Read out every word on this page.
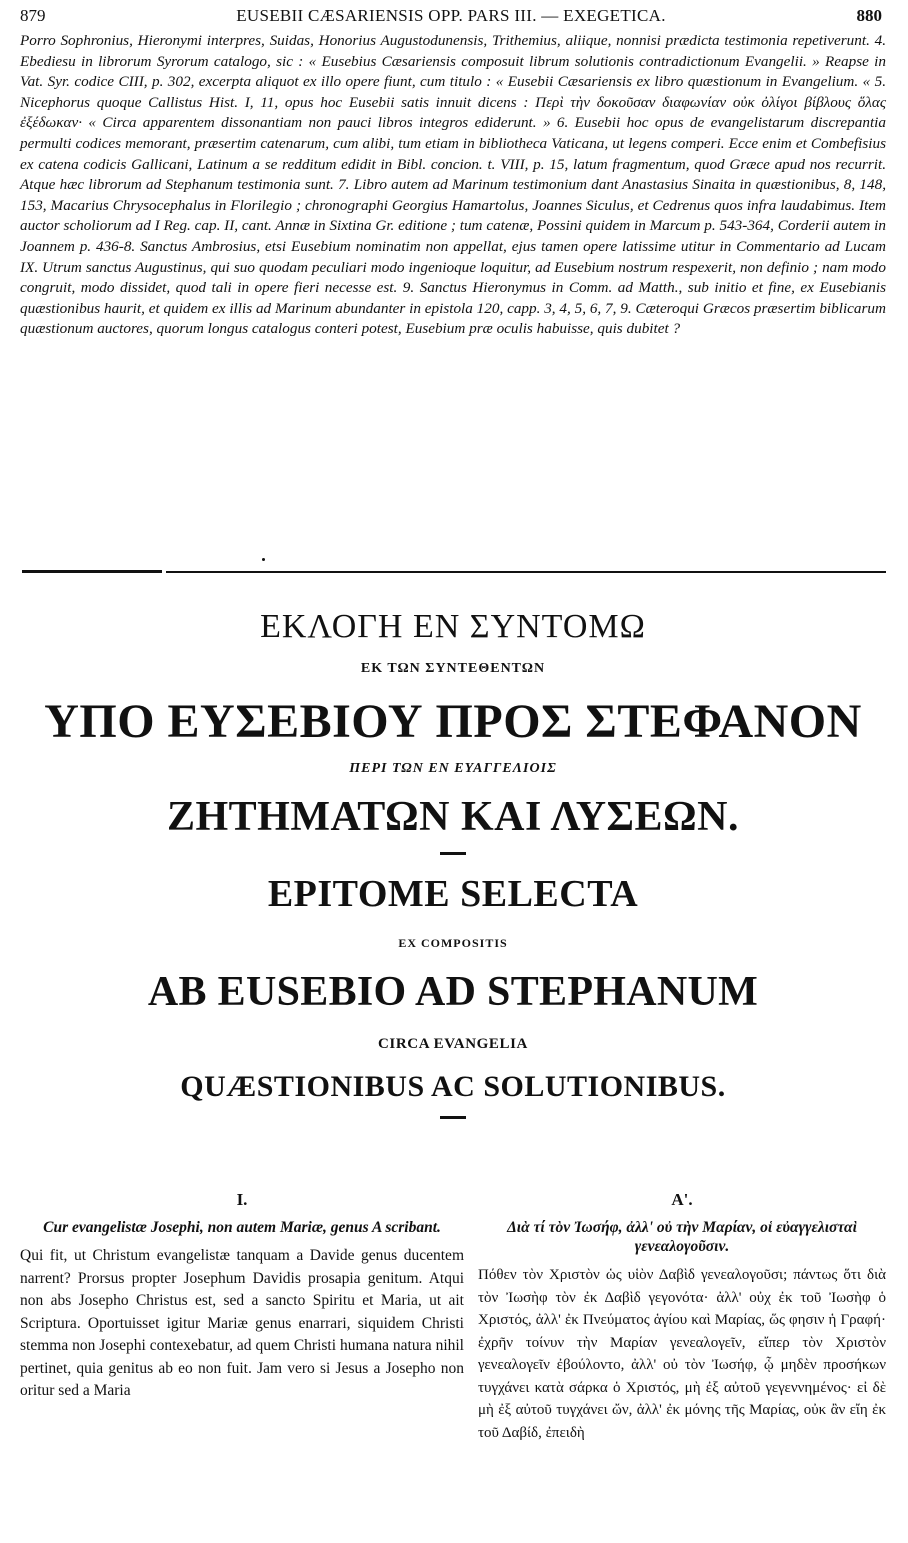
879	EUSEBII CÆSARIENSIS OPP. PARS III. — EXEGETICA.	880

Porro Sophronius, Hieronymi interpres, Suidas, Honorius Augustodunensis, Trithemius, aliique, nonnisi prædicta testimonia repetiverunt. 4. Ebediesu in librorum Syrorum catalogo, sic : « Eusebius Cæsariensis composuit librum solutionis contradictionum Evangelii. » Reapse in Vat. Syr. codice CIII, p. 302, excerpta aliquot ex illo opere fiunt, cum titulo : « Eusebii Cæsariensis ex libro quæstionum in Evangelium. « 5. Nicephorus quoque Callistus Hist. I, 11, opus hoc Eusebii satis innuit dicens : Περὶ τὴν δοκοῦσαν διαφωνίαν οὐκ ὀλίγοι βίβλους ὅλας ἐξέδωκαν· « Circa apparentem dissonantiam non pauci libros integros ediderunt. » 6. Eusebii hoc opus de evangelistarum discrepantia permulti codices memorant, præsertim catenarum, cum alibi, tum etiam in bibliotheca Vaticana, ut legens comperi. Ecce enim et Combefisius ex catena codicis Gallicani, Latinum a se redditum edidit in Bibl. concion. t. VIII, p. 15, latum fragmentum, quod Græce apud nos recurrit. Atque hæc librorum ad Stephanum testimonia sunt. 7. Libro autem ad Marinum testimonium dant Anastasius Sinaita in quæstionibus, 8, 148, 153, Macarius Chrysocephalus in Florilegio ; chronographi Georgius Hamartolus, Joannes Siculus, et Cedrenus quos infra laudabimus. Item auctor scholiorum ad I Reg. cap. II, cant. Annæ in Sixtina Gr. editione ; tum catenæ, Possini quidem in Marcum p. 543-364, Corderii autem in Joannem p. 436-8. Sanctus Ambrosius, etsi Eusebium nominatim non appellat, ejus tamen opere latissime utitur in Commentario ad Lucam IX. Utrum sanctus Augustinus, qui suo quodam peculiari modo ingenioque loquitur, ad Eusebium nostrum respexerit, non definio ; nam modo congruit, modo dissidet, quod tali in opere fieri necesse est. 9. Sanctus Hieronymus in Comm. ad Matth., sub initio et fine, ex Eusebianis quæstionibus haurit, et quidem ex illis ad Marinum abundanter in epistola 120, capp. 3, 4, 5, 6, 7, 9. Cæteroqui Græcos præsertim biblicarum quæstionum auctores, quorum longus catalogus conteri potest, Eusebium præ oculis habuisse, quis dubitet ?

ΕΚΛΟΓΗ ΕΝ ΣΥΝΤΟΜΩ

ΕΚ ΤΩΝ ΣΥΝΤΕΘΕΝΤΩΝ

ΥΠΟ ΕΥΣΕΒΙΟΥ ΠΡΟΣ ΣΤΕΦΑΝΟΝ

ΠΕΡΙ ΤΩΝ ΕΝ ΕΥΑΓΓΕΛΙΟΙΣ

ΖΗΤΗΜΑΤΩΝ ΚΑΙ ΛΥΣΕΩΝ.

EPITOME SELECTA

EX COMPOSITIS

AB EUSEBIO AD STEPHANUM

CIRCA EVANGELIA

QUÆSTIONIBUS AC SOLUTIONIBUS.

I.

Cur evangelistæ Josephi, non autem Mariæ, genus A scribant.

Qui fit, ut Christum evangelistæ tanquam a Davide genus ducentem narrent? Prorsus propter Josephum Davidis prosapia genitum. Atqui non abs Josepho Christus est, sed a sancto Spiritu et Maria, ut ait Scriptura. Oportuisset igitur Mariæ genus enarrari, siquidem Christi stemma non Josephi contexebatur, ad quem Christi humana natura nihil pertinet, quia genitus ab eo non fuit. Jam vero si Jesus a Josepho non oritur sed a Maria

Α'.

Διὰ τί τὸν Ἰωσήφ, ἀλλ' οὐ τὴν Μαρίαν, οἱ εὐαγγελισταὶ γενεαλογοῦσιν.

Πόθεν τὸν Χριστὸν ὡς υἱὸν Δαβὶδ γενεαλογοῦσι; πάντως ὅτι διὰ τὸν Ἰωσὴφ τὸν ἐκ Δαβὶδ γεγονότα· ἀλλ' οὐχ ἐκ τοῦ Ἰωσὴφ ὁ Χριστός, ἀλλ' ἐκ Πνεύματος ἁγίου καὶ Μαρίας, ὥς φησιν ἡ Γραφή· ἐχρῆν τοίνυν τὴν Μαρίαν γενεαλογεῖν, εἴπερ τὸν Χριστὸν γενεαλογεῖν ἐβούλοντο, ἀλλ' οὐ τὸν Ἰωσήφ, ᾧ μηδὲν προσήκων τυγχάνει κατὰ σάρκα ὁ Χριστός, μὴ ἐξ αὐτοῦ γεγεννημένος· εἰ δὲ μὴ ἐξ αὐτοῦ τυγχάνει ὤν, ἀλλ' ἐκ μόνης τῆς Μαρίας, οὐκ ἂν εἴη ἐκ τοῦ Δαβίδ, ἐπειδὴ
